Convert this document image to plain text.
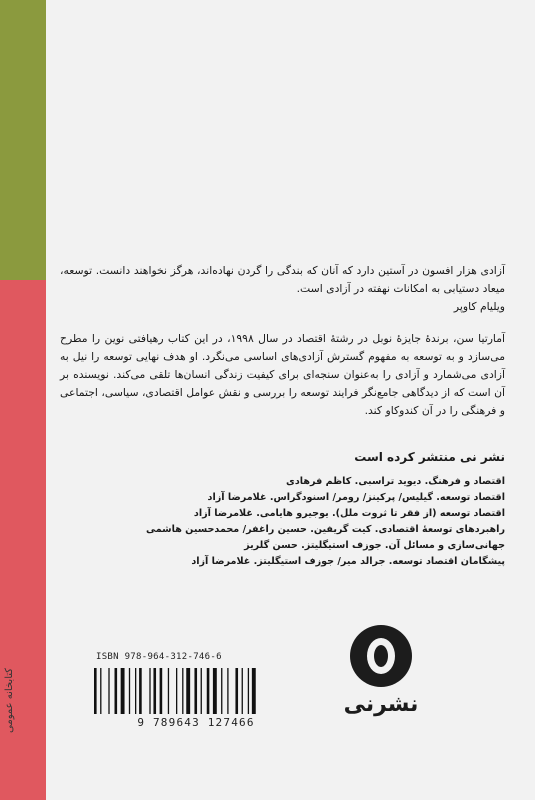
کتابخانه عمومی

آزادی هزار افسون در آستین دارد که آنان که بندگی را گردن نهاده‌اند، هرگز نخواهند دانست. توسعه، میعاد دستیابی به امکانات نهفته در آزادی است.

ویلیام کاوپر

آمارتیا سن، برندهٔ جایزهٔ نوبل در رشتهٔ اقتصاد در سال ۱۹۹۸، در این کتاب رهیافتی نوین را مطرح می‌سازد و به توسعه به مفهوم گسترش آزادی‌های اساسی می‌نگرد. او هدف نهایی توسعه را نیل به آزادی می‌شمارد و آزادی را به‌عنوان سنجه‌ای برای کیفیت زندگی انسان‌ها تلقی می‌کند. نویسنده بر آن است که از دیدگاهی جامع‌نگر فرایند توسعه را بررسی و نقش عوامل اقتصادی، سیاسی، اجتماعی و فرهنگی را در آن کندوکاو کند.

نشر نی منتشر کرده است
اقتصاد و فرهنگ. دیوید تراسبی. کاظم فرهادی
اقتصاد توسعه. گیلیس/ پرکینز/ رومر/ اسنودگراس. غلامرضا آزاد
اقتصاد توسعه (از فقر تا ثروت ملل). یوجیرو هایامی. غلامرضا آزاد
راهبردهای توسعهٔ اقتصادی. کیت گریفین. حسین راغفر/ محمدحسین هاشمی
جهانی‌سازی و مسائل آن. جوزف استیگلیتز. حسن گلریز
پیشگامان اقتصاد توسعه. جرالد میر/ جوزف استیگلیتز. غلامرضا آزاد
ISBN 978-964-312-746-6
9 789643 127466
نشرنی
